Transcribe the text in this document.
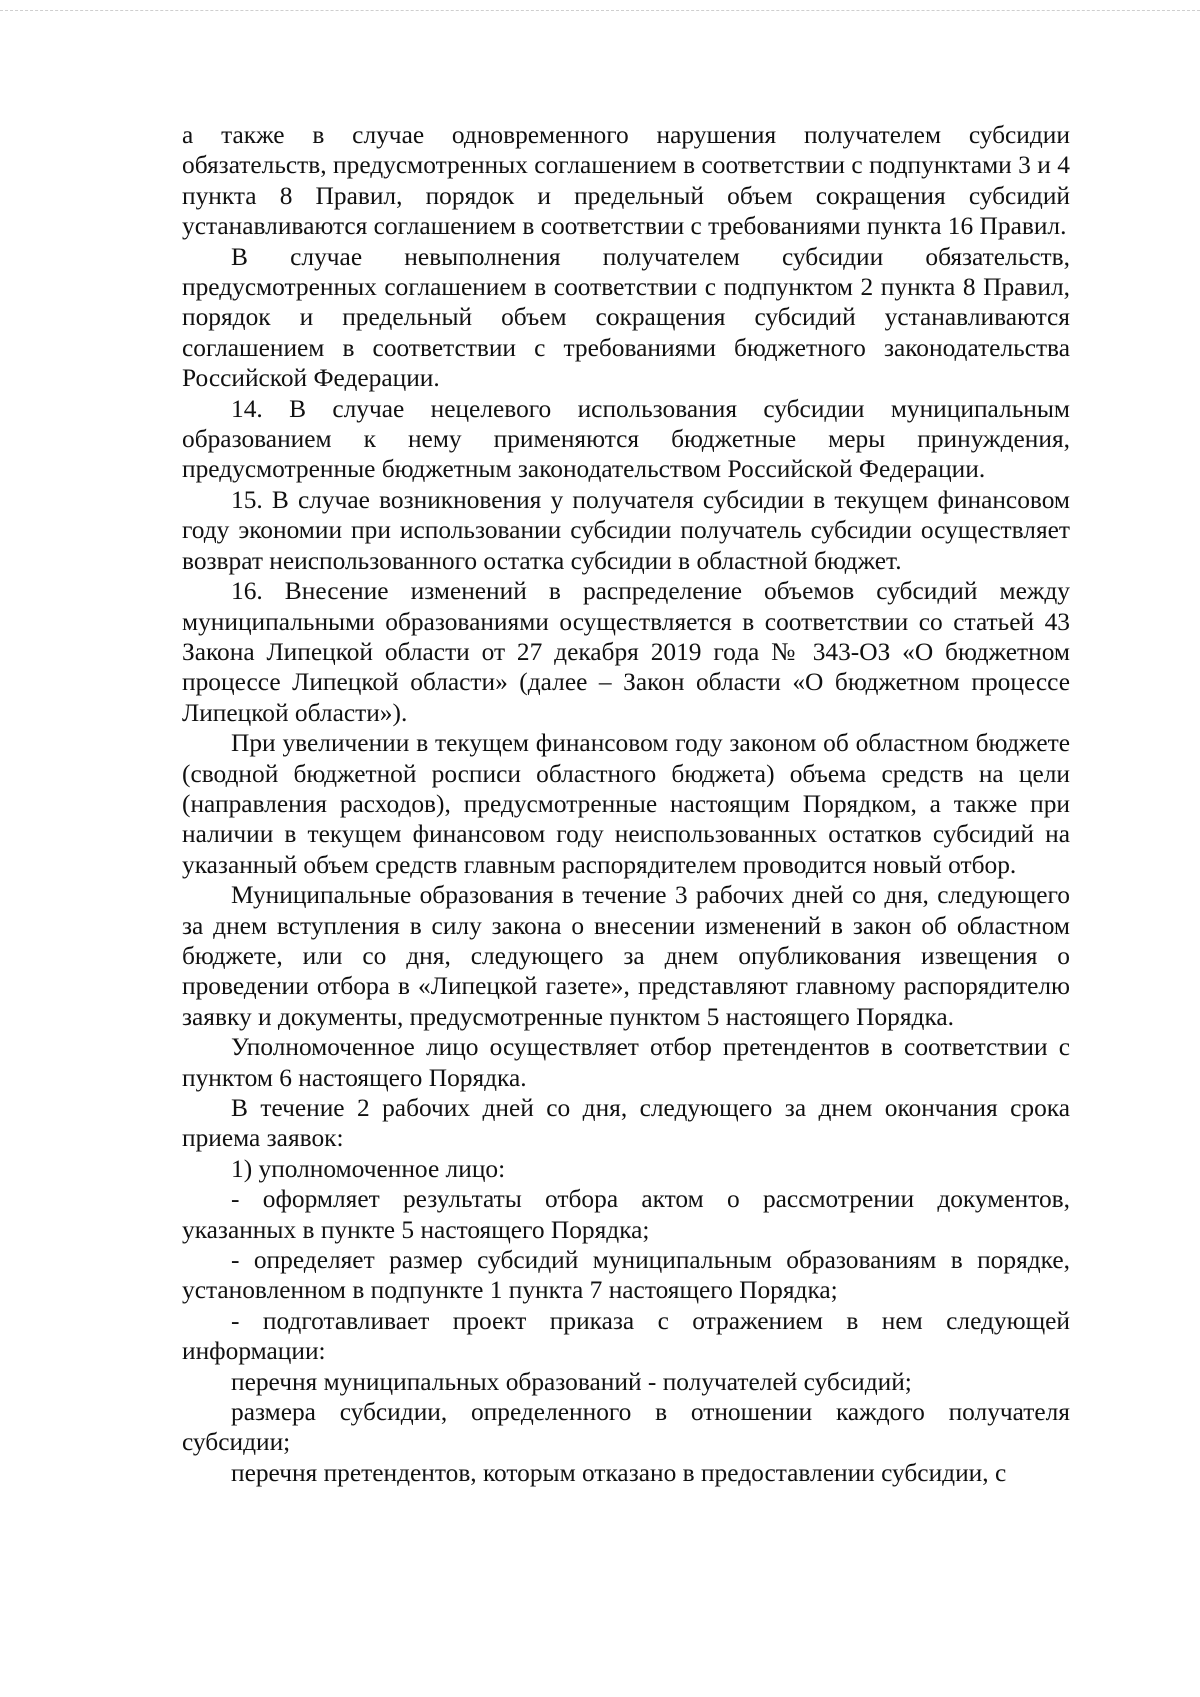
а также в случае одновременного нарушения получателем субсидии обязательств, предусмотренных соглашением в соответствии с подпунктами 3 и 4 пункта 8 Правил, порядок и предельный объем сокращения субсидий устанавливаются соглашением в соответствии с требованиями пункта 16 Правил.

В случае невыполнения получателем субсидии обязательств, предусмотренных соглашением в соответствии с подпунктом 2 пункта 8 Правил, порядок и предельный объем сокращения субсидий устанавливаются соглашением в соответствии с требованиями бюджетного законодательства Российской Федерации.

14. В случае нецелевого использования субсидии муниципальным образованием к нему применяются бюджетные меры принуждения, предусмотренные бюджетным законодательством Российской Федерации.

15. В случае возникновения у получателя субсидии в текущем финансовом году экономии при использовании субсидии получатель субсидии осуществляет возврат неиспользованного остатка субсидии в областной бюджет.

16. Внесение изменений в распределение объемов субсидий между муниципальными образованиями осуществляется в соответствии со статьей 43 Закона Липецкой области от 27 декабря 2019 года № 343-ОЗ «О бюджетном процессе Липецкой области» (далее – Закон области «О бюджетном процессе Липецкой области»).

При увеличении в текущем финансовом году законом об областном бюджете (сводной бюджетной росписи областного бюджета) объема средств на цели (направления расходов), предусмотренные настоящим Порядком, а также при наличии в текущем финансовом году неиспользованных остатков субсидий на указанный объем средств главным распорядителем проводится новый отбор.

Муниципальные образования в течение 3 рабочих дней со дня, следующего за днем вступления в силу закона о внесении изменений в закон об областном бюджете, или со дня, следующего за днем опубликования извещения о проведении отбора в «Липецкой газете», представляют главному распорядителю заявку и документы, предусмотренные пунктом 5 настоящего Порядка.

Уполномоченное лицо осуществляет отбор претендентов в соответствии с пунктом 6 настоящего Порядка.

В течение 2 рабочих дней со дня, следующего за днем окончания срока приема заявок:

1) уполномоченное лицо:

- оформляет результаты отбора актом о рассмотрении документов, указанных в пункте 5 настоящего Порядка;

- определяет размер субсидий муниципальным образованиям в порядке, установленном в подпункте 1 пункта 7 настоящего Порядка;

- подготавливает проект приказа с отражением в нем следующей информации:

перечня муниципальных образований - получателей субсидий;

размера субсидии, определенного в отношении каждого получателя субсидии;

перечня претендентов, которым отказано в предоставлении субсидии, с
